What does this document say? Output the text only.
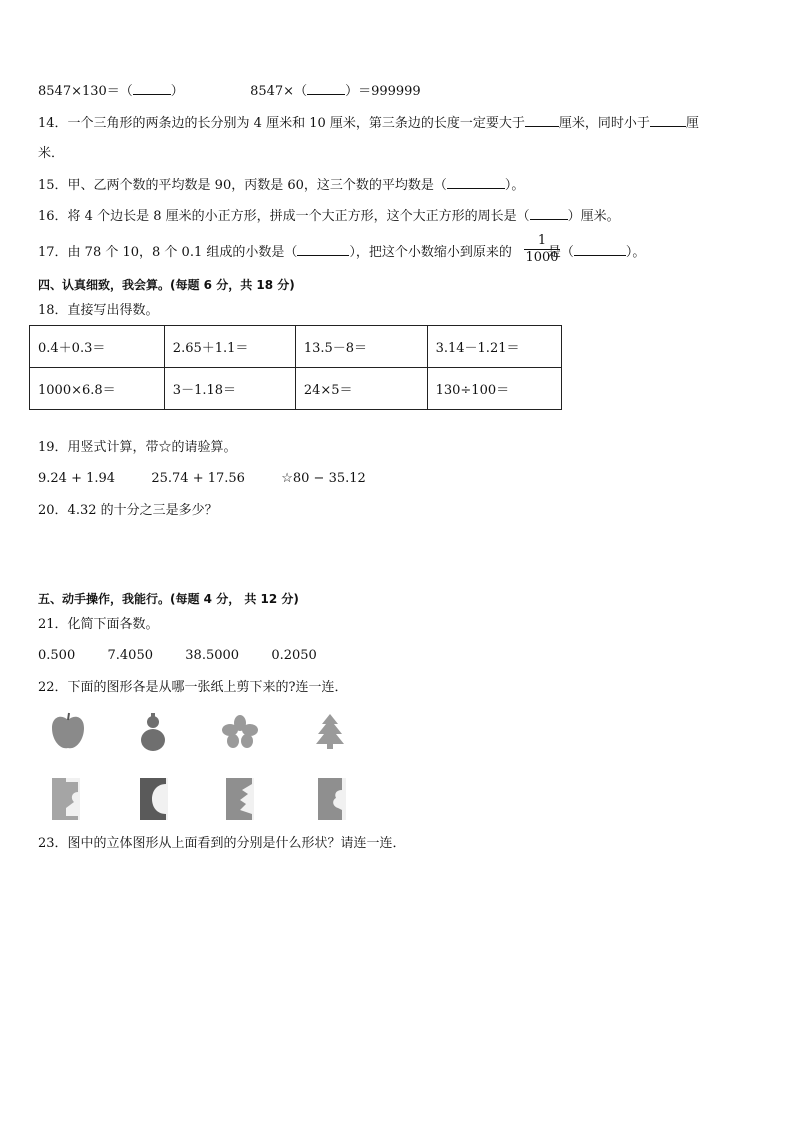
8547×130＝（	）	8547×（	）＝999999
14．一个三角形的两条边的长分别为 4 厘米和 10 厘米，第三条边的长度一定要大于	厘米，同时小于	厘
米．
15．甲、乙两个数的平均数是 90，丙数是 60，这三个数的平均数是（	）。
16．将 4 个边长是 8 厘米的小正方形，拼成一个大正方形，这个大正方形的周长是（	）厘米。
17．由 78 个 10，8 个 0.1 组成的小数是（	），把这个小数缩小到原来的	是（	）。
1
1000
四、认真细致，我会算。(每题 6 分，共 18 分)
18．直接写出得数。
0.4＋0.3＝	2.65＋1.1＝	13.5－8＝	3.14－1.21＝
1000×6.8＝	3－1.18＝	24×5＝	130÷100＝
19．用竖式计算，带☆的请验算。
9.24 + 1.94	25.74 + 17.56	☆80 − 35.12
20．4.32 的十分之三是多少？
五、动手操作，我能行。(每题 4 分， 共 12 分)
21．化简下面各数。
0.500 7.4050 38.5000 0.2050
22．下面的图形各是从哪一张纸上剪下来的?连一连．
23．图中的立体图形从上面看到的分别是什么形状？请连一连．
